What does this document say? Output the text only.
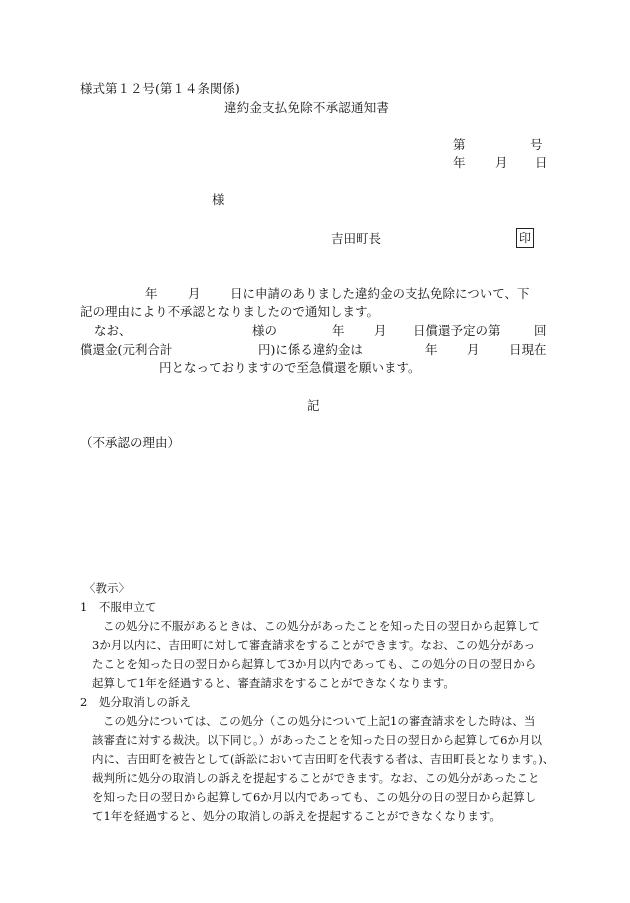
様式第１２号(第１４条関係)
違約金支払免除不承認通知書
第	号
年 月 日
様
吉田町長	印
年 月 日に申請のありました違約金の支払免除について、下
記の理由により不承認となりましたので通知します。
なお、	様の	年 月 日償還予定の第	回
償還金(元利合計	円)に係る違約金は	年 月 日現在
円となっておりますので至急償還を願います。
記
（不承認の理由）
〈教示〉
1　不服申立て
この処分に不服があるときは、この処分があったことを知った日の翌日から起算して
3か月以内に、吉田町に対して審査請求をすることができます。なお、この処分があっ
たことを知った日の翌日から起算して3か月以内であっても、この処分の日の翌日から
起算して1年を経過すると、審査請求をすることができなくなります。
2　処分取消しの訴え
この処分については、この処分（この処分について上記1の審査請求をした時は、当
該審査に対する裁決。以下同じ。）があったことを知った日の翌日から起算して6か月以
内に、吉田町を被告として(訴訟において吉田町を代表する者は、吉田町長となります。)、
裁判所に処分の取消しの訴えを提起することができます。なお、この処分があったこと
を知った日の翌日から起算して6か月以内であっても、この処分の日の翌日から起算し
て1年を経過すると、処分の取消しの訴えを提起することができなくなります。
